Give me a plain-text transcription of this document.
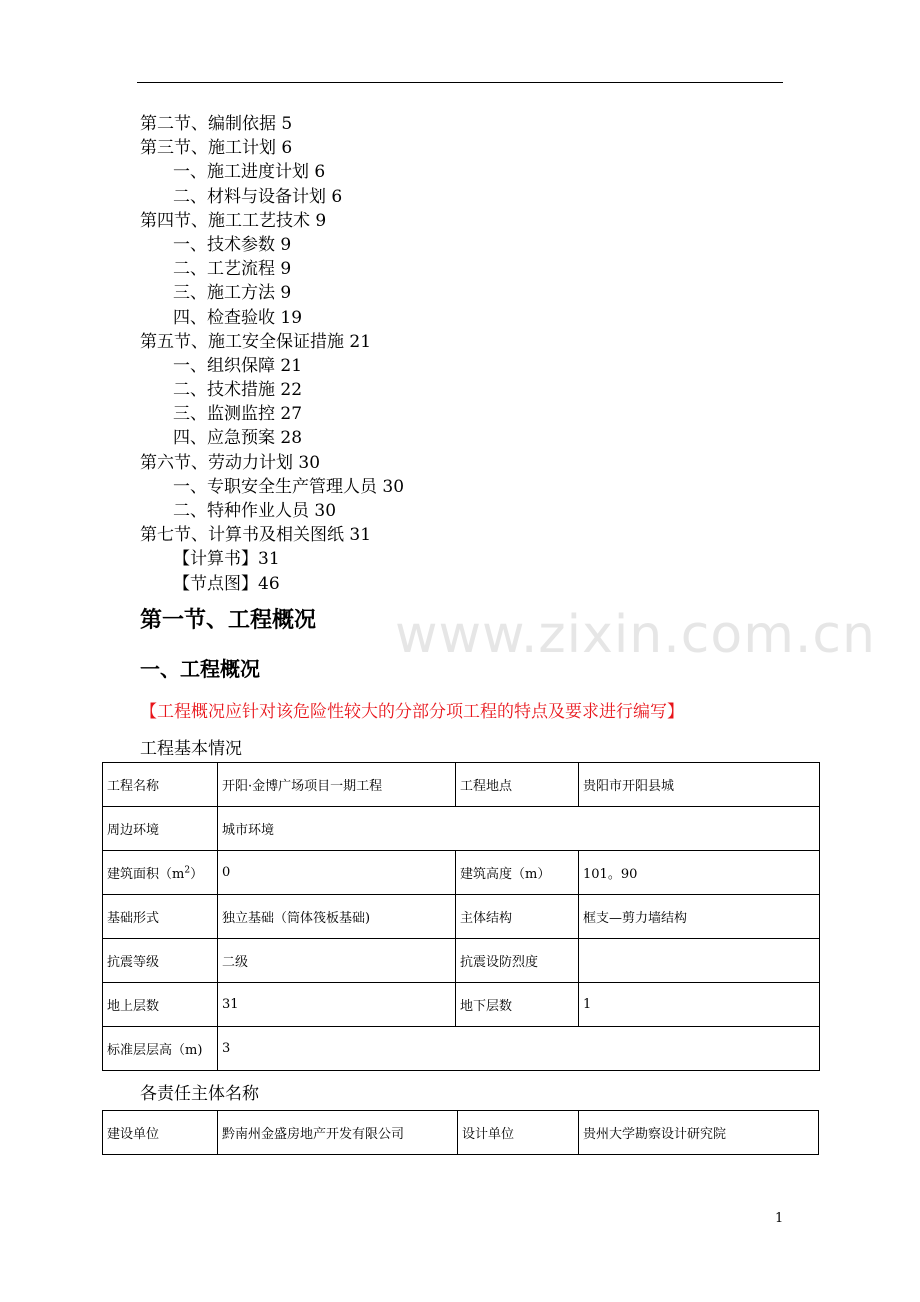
www.zixin.com.cn
第二节、编制依据 5
第三节、施工计划 6
一、施工进度计划 6
二、材料与设备计划 6
第四节、施工工艺技术 9
一、技术参数 9
二、工艺流程 9
三、施工方法 9
四、检查验收 19
第五节、施工安全保证措施 21
一、组织保障 21
二、技术措施 22
三、监测监控 27
四、应急预案 28
第六节、劳动力计划 30
一、专职安全生产管理人员 30
二、特种作业人员 30
第七节、计算书及相关图纸 31
【计算书】31
【节点图】46
第一节、工程概况
一、工程概况
【工程概况应针对该危险性较大的分部分项工程的特点及要求进行编写】
工程基本情况
工程名称	开阳·金博广场项目一期工程	工程地点	贵阳市开阳县城
周边环境	城市环境		
建筑面积$(m^2)$	0	建筑高度（m）	101。90
基础形式	独立基础（筒体筏板基础)	主体结构	框支—剪力墙结构
抗震等级	二级	抗震设防烈度	
地上层数	31	地下层数	1
标准层层高（m)	3		
各责任主体名称
建设单位	黔南州金盛房地产开发有限公司	设计单位	贵州大学勘察设计研究院
1
